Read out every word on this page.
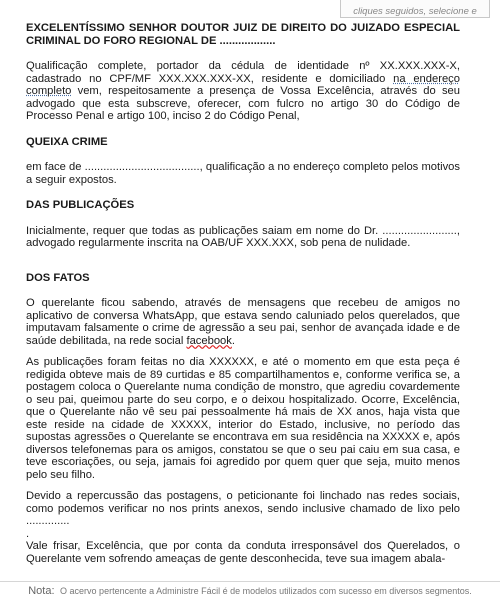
cliques seguidos, selecione e

EXCELENTÍSSIMO SENHOR DOUTOR JUIZ DE DIREITO DO JUIZADO ESPECIAL CRIMINAL DO FORO REGIONAL DE ..................

Qualificação complete, portador da cédula de identidade nº XX.XXX.XXX-X, cadastrado no CPF/MF XXX.XXX.XXX-XX, residente e domiciliado na endereço completo vem, respeitosamente a presença de Vossa Excelência, através do seu advogado que esta subscreve, oferecer, com fulcro no artigo 30 do Código de Processo Penal e artigo 100, inciso 2 do Código Penal,

QUEIXA CRIME

em face de ....................................., qualificação a no endereço completo pelos motivos a seguir expostos.

DAS PUBLICAÇÕES

Inicialmente, requer que todas as publicações saiam em nome do Dr. ........................, advogado regularmente inscrita na OAB/UF XXX.XXX, sob pena de nulidade.

DOS FATOS

O querelante ficou sabendo, através de mensagens que recebeu de amigos no aplicativo de conversa WhatsApp, que estava sendo caluniado pelos querelados, que imputavam falsamente o crime de agressão a seu pai, senhor de avançada idade e de saúde debilitada, na rede social facebook.

As publicações foram feitas no dia XXXXXX, e até o momento em que esta peça é redigida obteve mais de 89 curtidas e 85 compartilhamentos e, conforme verifica se, a postagem coloca o Querelante numa condição de monstro, que agrediu covardemente o seu pai, queimou parte do seu corpo, e o deixou hospitalizado. Ocorre, Excelência, que o Querelante não vê seu pai pessoalmente há mais de XX anos, haja vista que este reside na cidade de XXXXX, interior do Estado, inclusive, no período das supostas agressões o Querelante se encontrava em sua residência na XXXXX e, após diversos telefonemas para os amigos, constatou se que o seu pai caiu em sua casa, e teve escoriações, ou seja, jamais foi agredido por quem quer que seja, muito menos pelo seu filho.

Devido a repercussão das postagens, o peticionante foi linchado nas redes sociais, como podemos verificar no nos prints anexos, sendo inclusive chamado de lixo pelo ..............

.

Vale frisar, Excelência, que por conta da conduta irresponsável dos Querelados, o Querelante vem sofrendo ameaças de gente desconhecida, teve sua imagem abala-

Nota: O acervo pertencente a Administre Fácil é de modelos utilizados com sucesso em diversos segmentos.
